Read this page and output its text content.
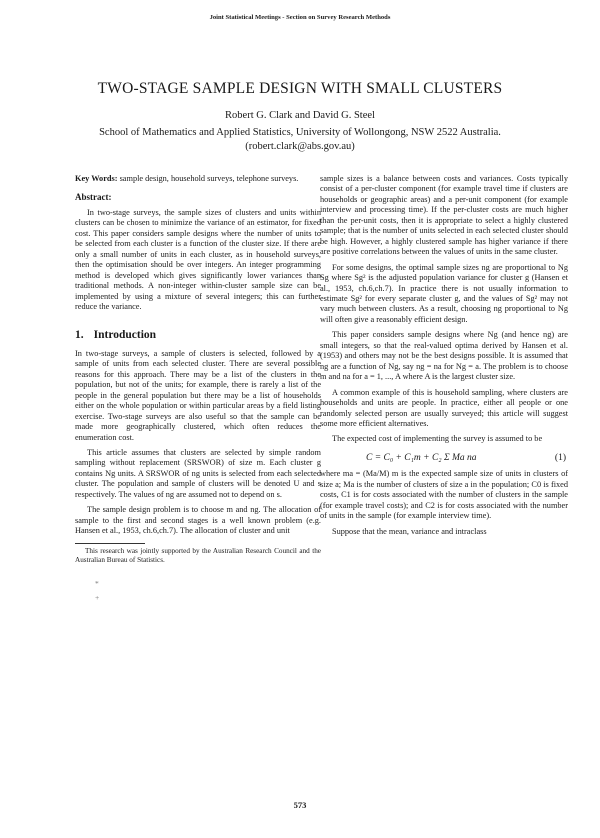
Joint Statistical Meetings - Section on Survey Research Methods
TWO-STAGE SAMPLE DESIGN WITH SMALL CLUSTERS
Robert G. Clark and David G. Steel
School of Mathematics and Applied Statistics, University of Wollongong, NSW 2522 Australia.
(robert.clark@abs.gov.au)

Key Words: sample design, household surveys, telephone surveys.

Abstract:

In two-stage surveys, the sample sizes of clusters and units within clusters can be chosen to minimize the variance of an estimator, for fixed cost. This paper considers sample designs where the number of units to be selected from each cluster is a function of the cluster size. If there are only a small number of units in each cluster, as in household surveys, then the optimisation should be over integers. An integer programming method is developed which gives significantly lower variances than traditional methods. A non-integer within-cluster sample size can be implemented by using a mixture of several integers; this can further reduce the variance.

1. Introduction

In two-stage surveys, a sample of clusters is selected, followed by a sample of units from each selected cluster. There are several possible reasons for this approach. There may be a list of the clusters in the population, but not of the units; for example, there is rarely a list of the people in the general population but there may be a list of households either on the whole population or within particular areas by a field listing exercise. Two-stage surveys are also useful so that the sample can be made more geographically clustered, which often reduces the enumeration cost.

This article assumes that clusters are selected by simple random sampling without replacement (SRSWOR) of size m. Each cluster g contains Ng units. A SRSWOR of ng units is selected from each selected cluster. The population and sample of clusters will be denoted U and s respectively. The values of ng are assumed not to depend on s.

The sample design problem is to choose m and ng. The allocation of sample to the first and second stages is a well known problem (e.g. Hansen et al., 1953, ch.6,ch.7). The allocation of cluster and unit

This research was jointly supported by the Australian Research Council and the Australian Bureau of Statistics.

*
+

sample sizes is a balance between costs and variances. Costs typically consist of a per-cluster component (for example travel time if clusters are households or geographic areas) and a per-unit component (for example interview and processing time). If the per-cluster costs are much higher than the per-unit costs, then it is appropriate to select a highly clustered sample; that is the number of units selected in each selected cluster should be high. However, a highly clustered sample has higher variance if there are positive correlations between the values of units in the same cluster.

For some designs, the optimal sample sizes ng are proportional to Ng Sg where Sg² is the adjusted population variance for cluster g (Hansen et al., 1953, ch.6,ch.7). In practice there is not usually information to estimate Sg² for every separate cluster g, and the values of Sg² may not vary much between clusters. As a result, choosing ng proportional to Ng will often give a reasonably efficient design.

This paper considers sample designs where Ng (and hence ng) are small integers, so that the real-valued optima derived by Hansen et al. (1953) and others may not be the best designs possible. It is assumed that ng are a function of Ng, say ng = na for Ng = a. The problem is to choose m and na for a = 1, ..., A where A is the largest cluster size.

A common example of this is household sampling, where clusters are households and units are people. In practice, either all people or one randomly selected person are usually surveyed; this article will suggest some more efficient alternatives.

The expected cost of implementing the survey is assumed to be

C = C₀ + C₁m + C₂ Σ Ma na	(1)

where ma = (Ma/M) m is the expected sample size of units in clusters of size a; Ma is the number of clusters of size a in the population; C0 is fixed costs, C1 is for costs associated with the number of clusters in the sample (for example travel costs); and C2 is for costs associated with the number of units in the sample (for example interview time).

Suppose that the mean, variance and intraclass

573
